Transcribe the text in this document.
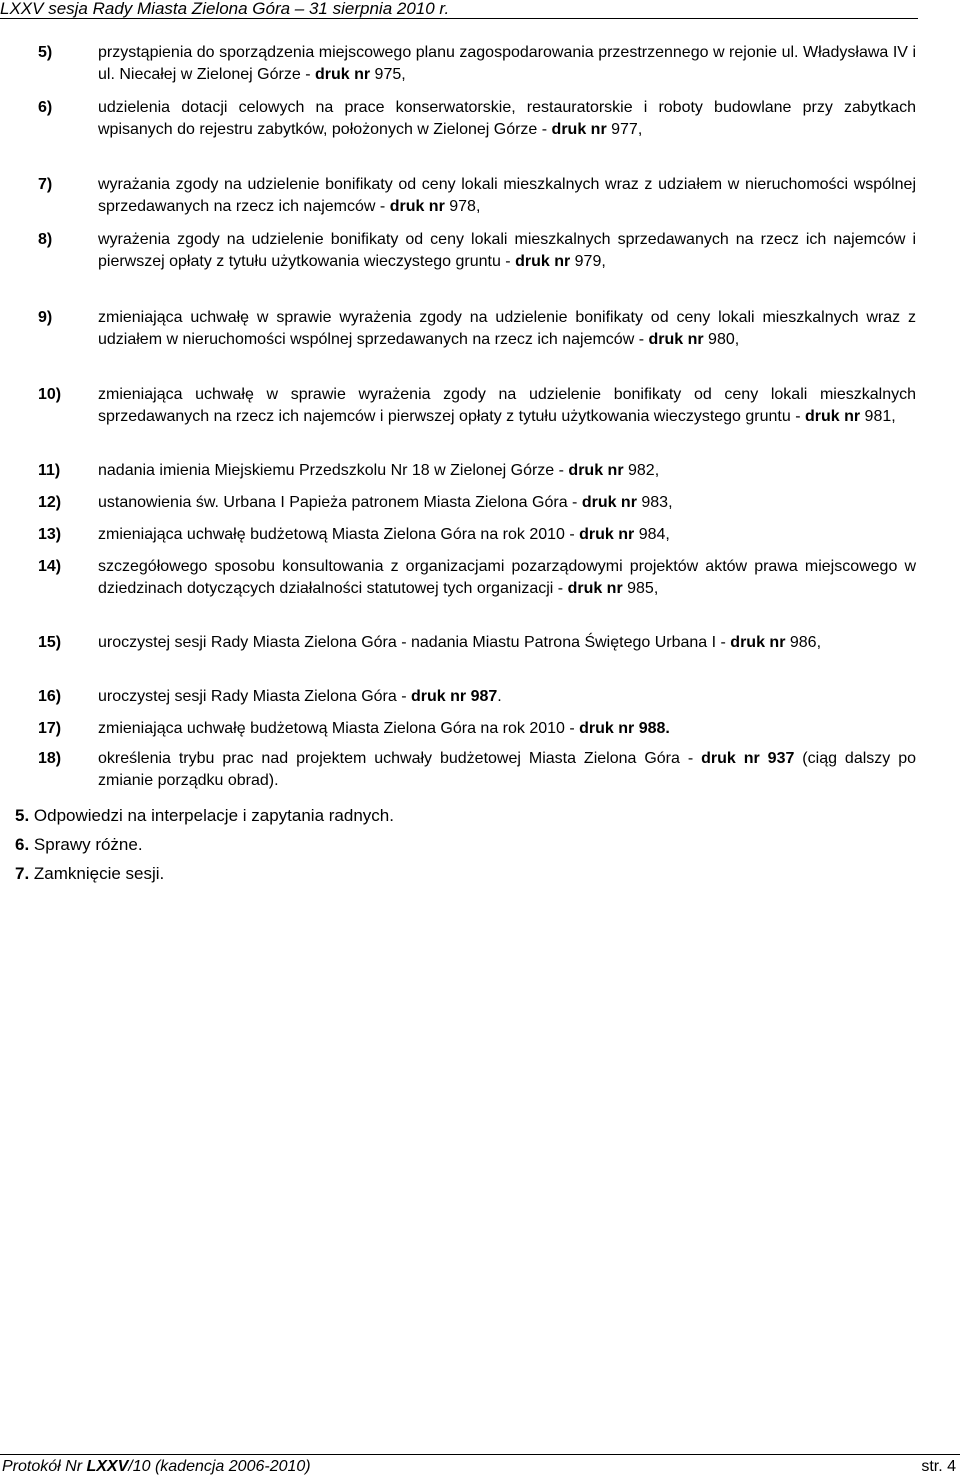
LXXV sesja Rady Miasta Zielona Góra – 31 sierpnia 2010 r.
5)	przystąpienia do sporządzenia miejscowego planu zagospodarowania przestrzennego w rejonie ul. Władysława IV i ul. Niecałej w Zielonej Górze - druk nr 975,
6)	udzielenia dotacji celowych na prace konserwatorskie, restauratorskie i roboty budowlane przy zabytkach wpisanych do rejestru zabytków, położonych w Zielonej Górze - druk nr 977,
7)	wyrażania zgody na udzielenie bonifikaty od ceny lokali mieszkalnych wraz z udziałem w nieruchomości wspólnej sprzedawanych na rzecz ich najemców - druk nr 978,
8)	wyrażenia zgody na udzielenie bonifikaty od ceny lokali mieszkalnych sprzedawanych na rzecz ich najemców i pierwszej opłaty z tytułu użytkowania wieczystego gruntu - druk nr 979,
9)	zmieniająca uchwałę w sprawie wyrażenia zgody na udzielenie bonifikaty od ceny lokali mieszkalnych wraz z udziałem w nieruchomości wspólnej sprzedawanych na rzecz ich najemców - druk nr 980,
10) zmieniająca uchwałę w sprawie wyrażenia zgody na udzielenie bonifikaty od ceny lokali mieszkalnych sprzedawanych na rzecz ich najemców i pierwszej opłaty z tytułu użytkowania wieczystego gruntu - druk nr 981,
11) nadania imienia Miejskiemu Przedszkolu Nr 18 w Zielonej Górze - druk nr 982,
12) ustanowienia św. Urbana I Papieża patronem Miasta Zielona Góra - druk nr 983,
13) zmieniająca uchwałę budżetową Miasta Zielona Góra na rok 2010 - druk nr 984,
14) szczegółowego sposobu konsultowania z organizacjami pozarządowymi projektów aktów prawa miejscowego w dziedzinach dotyczących działalności statutowej tych organizacji - druk nr 985,
15) uroczystej sesji Rady Miasta Zielona Góra - nadania Miastu Patrona Świętego Urbana I - druk nr 986,
16) uroczystej sesji Rady Miasta Zielona Góra - druk nr 987.
17) zmieniająca uchwałę budżetową Miasta Zielona Góra na rok 2010 - druk nr 988.
18) określenia trybu prac nad projektem uchwały budżetowej Miasta Zielona Góra - druk nr 937 (ciąg dalszy po zmianie porządku obrad).
5. Odpowiedzi na interpelacje i zapytania radnych.
6. Sprawy różne.
7. Zamknięcie sesji.
Protokół Nr LXXV/10 (kadencja 2006-2010)	str. 4
